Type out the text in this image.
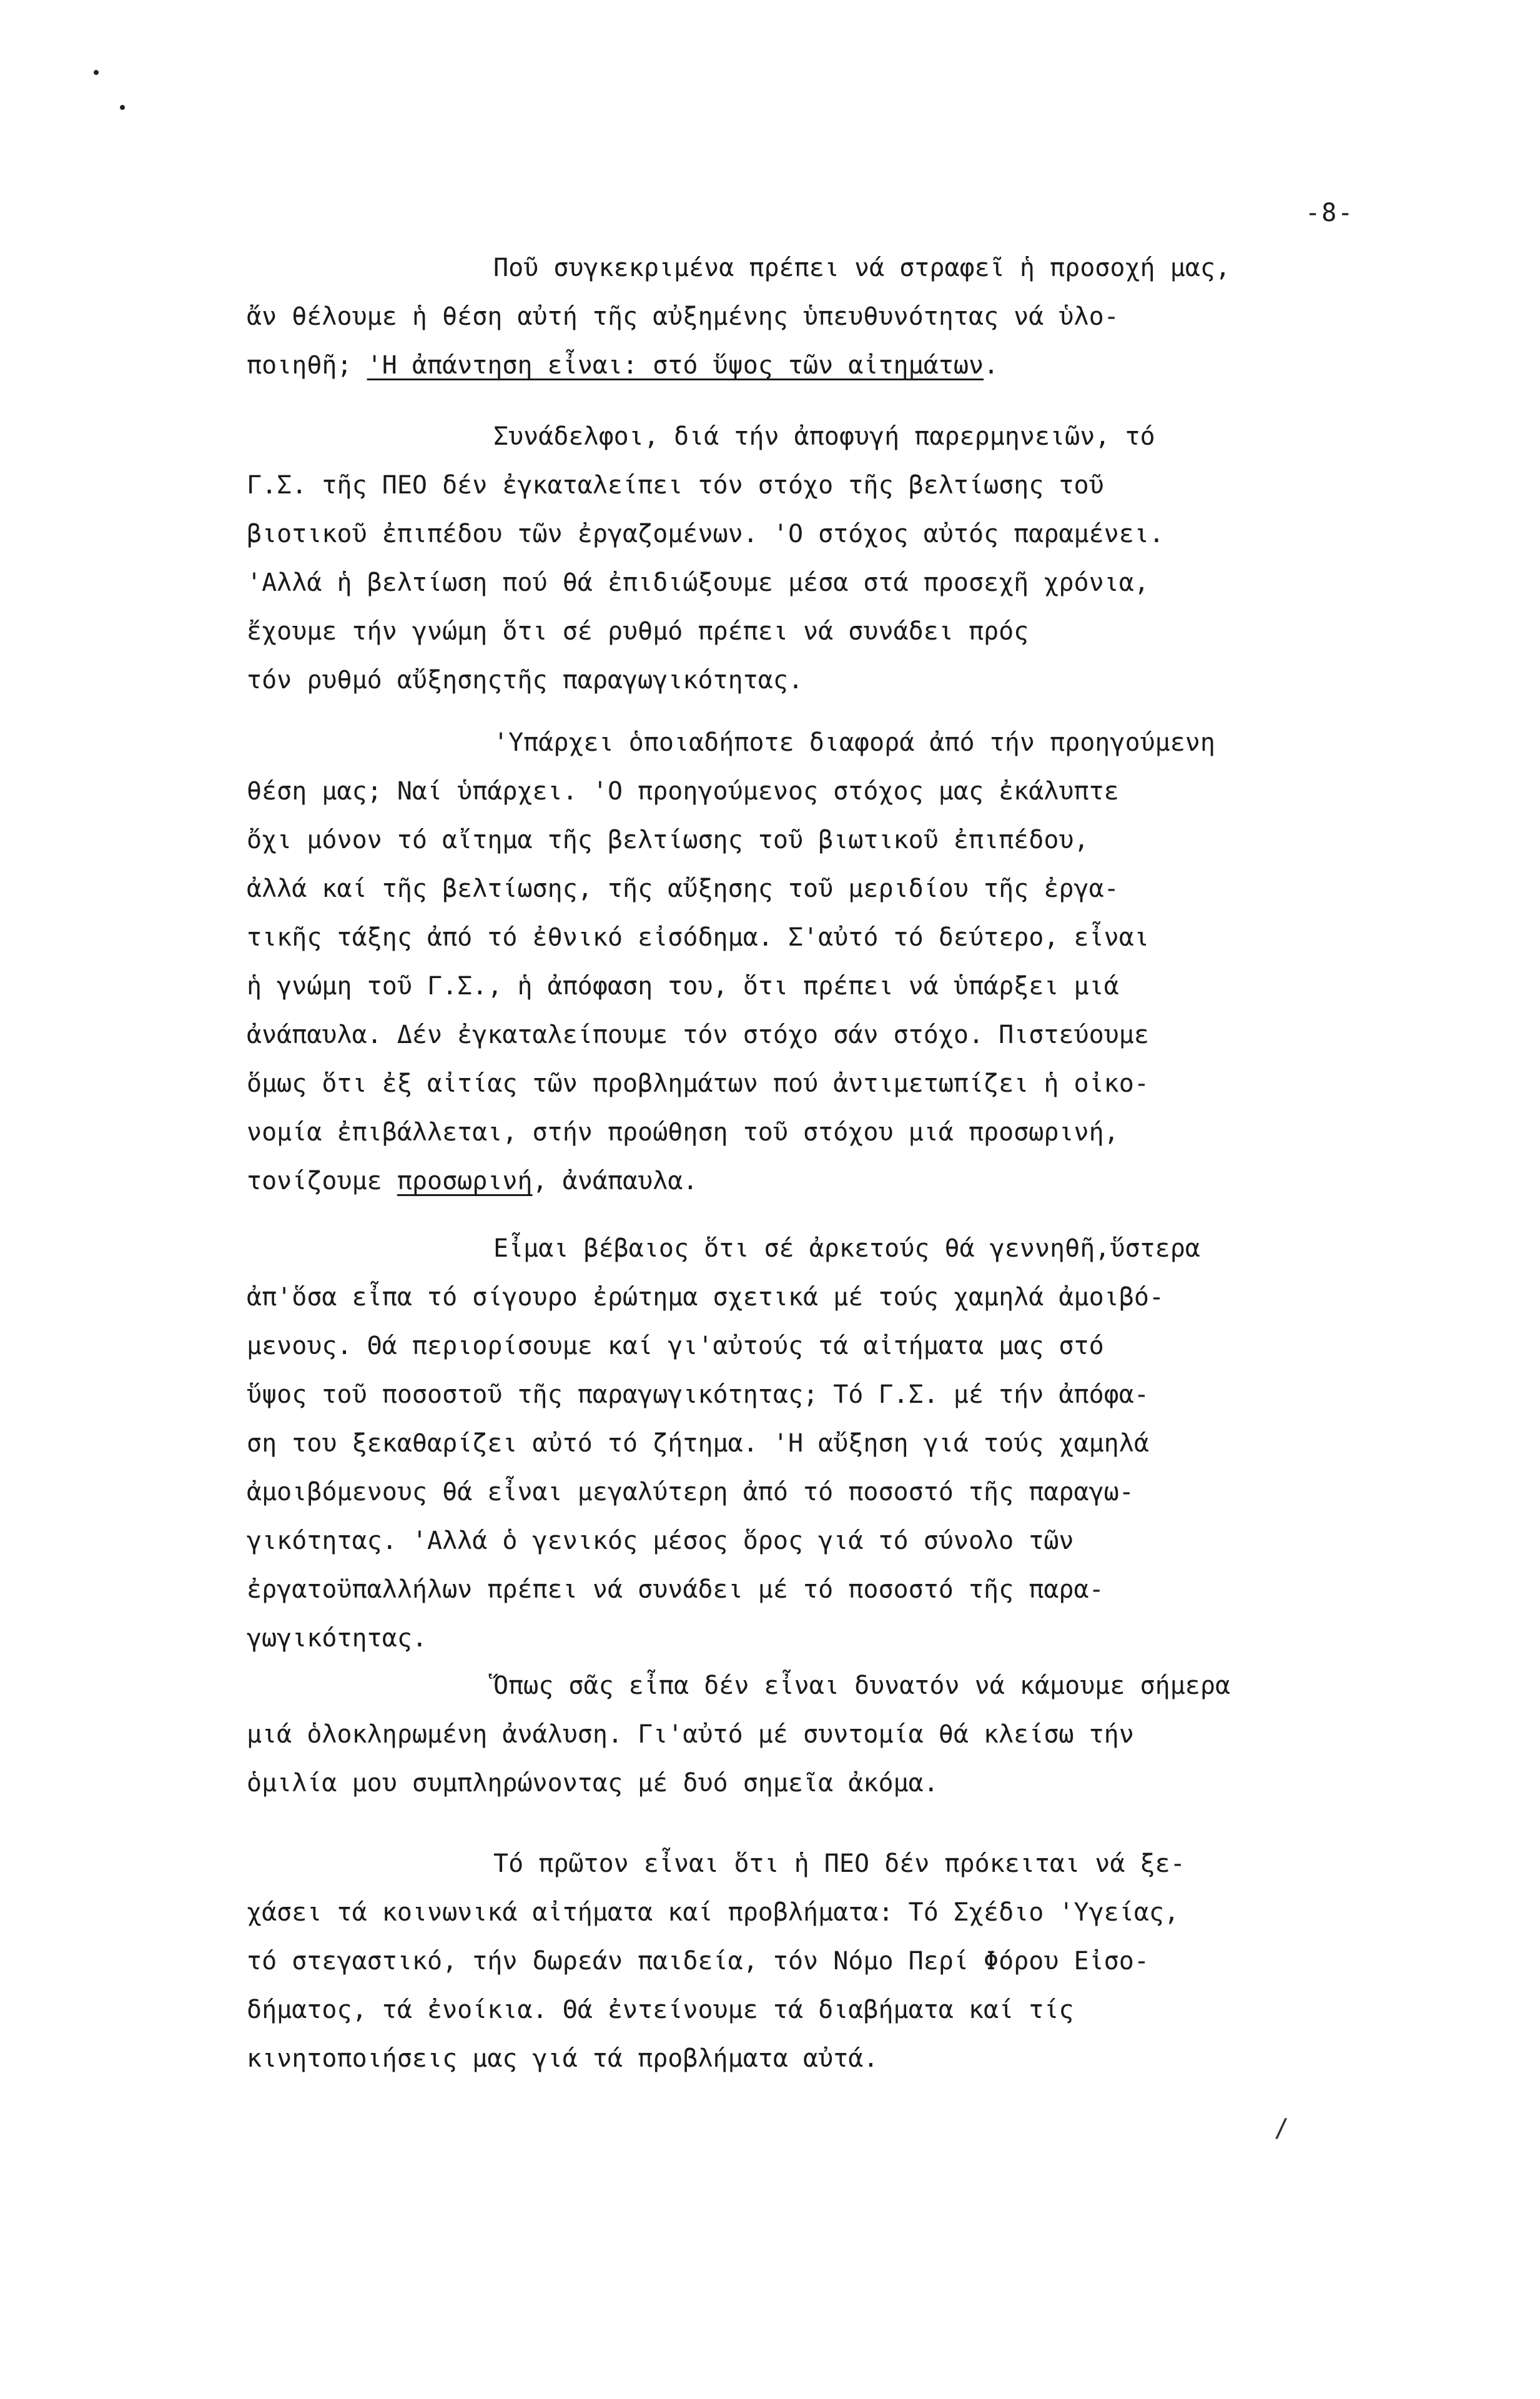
-8-
Ποῦ συγκεκριμένα πρέπει νά στραφεῖ ἡ προσοχή μας,
ἄν θέλουμε ἡ θέση αὐτή τῆς αὐξημένης ὑπευθυνότητας νά ὑλο-
ποιηθῆ; 'Η ἀπάντηση εἶναι: στό ὕψος τῶν αἰτημάτων.
Συνάδελφοι, διά τήν ἀποφυγή παρερμηνειῶν, τό
Γ.Σ. τῆς ΠΕΟ δέν ἐγκαταλείπει τόν στόχο τῆς βελτίωσης τοῦ
βιοτικοῦ ἐπιπέδου τῶν ἐργαζομένων. 'Ο στόχος αὐτός παραμένει.
'Αλλά ἡ βελτίωση πού θά ἐπιδιώξουμε μέσα στά προσεχῆ χρόνια,
ἔχουμε τήν γνώμη ὅτι σέ ρυθμό πρέπει νά συνάδει πρός
τόν ρυθμό αὔξησηςτῆς παραγωγικότητας.
'Υπάρχει ὁποιαδήποτε διαφορά ἀπό τήν προηγούμενη
θέση μας; Ναί ὑπάρχει. 'Ο προηγούμενος στόχος μας ἐκάλυπτε
ὄχι μόνον τό αἴτημα τῆς βελτίωσης τοῦ βιωτικοῦ ἐπιπέδου,
ἀλλά καί τῆς βελτίωσης, τῆς αὔξησης τοῦ μεριδίου τῆς ἐργα-
τικῆς τάξης ἀπό τό ἐθνικό εἰσόδημα. Σ'αὐτό τό δεύτερο, εἶναι
ἡ γνώμη τοῦ Γ.Σ., ἡ ἀπόφαση του, ὅτι πρέπει νά ὑπάρξει μιά
ἀνάπαυλα. Δέν ἐγκαταλείπουμε τόν στόχο σάν στόχο. Πιστεύουμε
ὅμως ὅτι ἐξ αἰτίας τῶν προβλημάτων πού ἀντιμετωπίζει ἡ οἰκο-
νομία ἐπιβάλλεται, στήν προώθηση τοῦ στόχου μιά προσωρινή,
τονίζουμε προσωρινή, ἀνάπαυλα.
Εἶμαι βέβαιος ὅτι σέ ἀρκετούς θά γεννηθῆ,ὕστερα
ἀπ'ὅσα εἶπα τό σίγουρο ἐρώτημα σχετικά μέ τούς χαμηλά ἀμοιβό-
μενους. Θά περιορίσουμε καί γι'αὐτούς τά αἰτήματα μας στό
ὕψος τοῦ ποσοστοῦ τῆς παραγωγικότητας; Τό Γ.Σ. μέ τήν ἀπόφα-
ση του ξεκαθαρίζει αὐτό τό ζήτημα. 'Η αὔξηση γιά τούς χαμηλά
ἀμοιβόμενους θά εἶναι μεγαλύτερη ἀπό τό ποσοστό τῆς παραγω-
γικότητας. 'Αλλά ὁ γενικός μέσος ὅρος γιά τό σύνολο τῶν
ἐργατοϋπαλλήλων πρέπει νά συνάδει μέ τό ποσοστό τῆς παρα-
γωγικότητας.
Ὅπως σᾶς εἶπα δέν εἶναι δυνατόν νά κάμουμε σήμερα
μιά ὁλοκληρωμένη ἀνάλυση. Γι'αὐτό μέ συντομία θά κλείσω τήν
ὁμιλία μου συμπληρώνοντας μέ δυό σημεῖα ἀκόμα.
Τό πρῶτον εἶναι ὅτι ἡ ΠΕΟ δέν πρόκειται νά ξε-
χάσει τά κοινωνικά αἰτήματα καί προβλήματα: Τό Σχέδιο 'Υγείας,
τό στεγαστικό, τήν δωρεάν παιδεία, τόν Νόμο Περί Φόρου Εἰσο-
δήματος, τά ἐνοίκια. Θά ἐντείνουμε τά διαβήματα καί τίς
κινητοποιήσεις μας γιά τά προβλήματα αὐτά.
/
